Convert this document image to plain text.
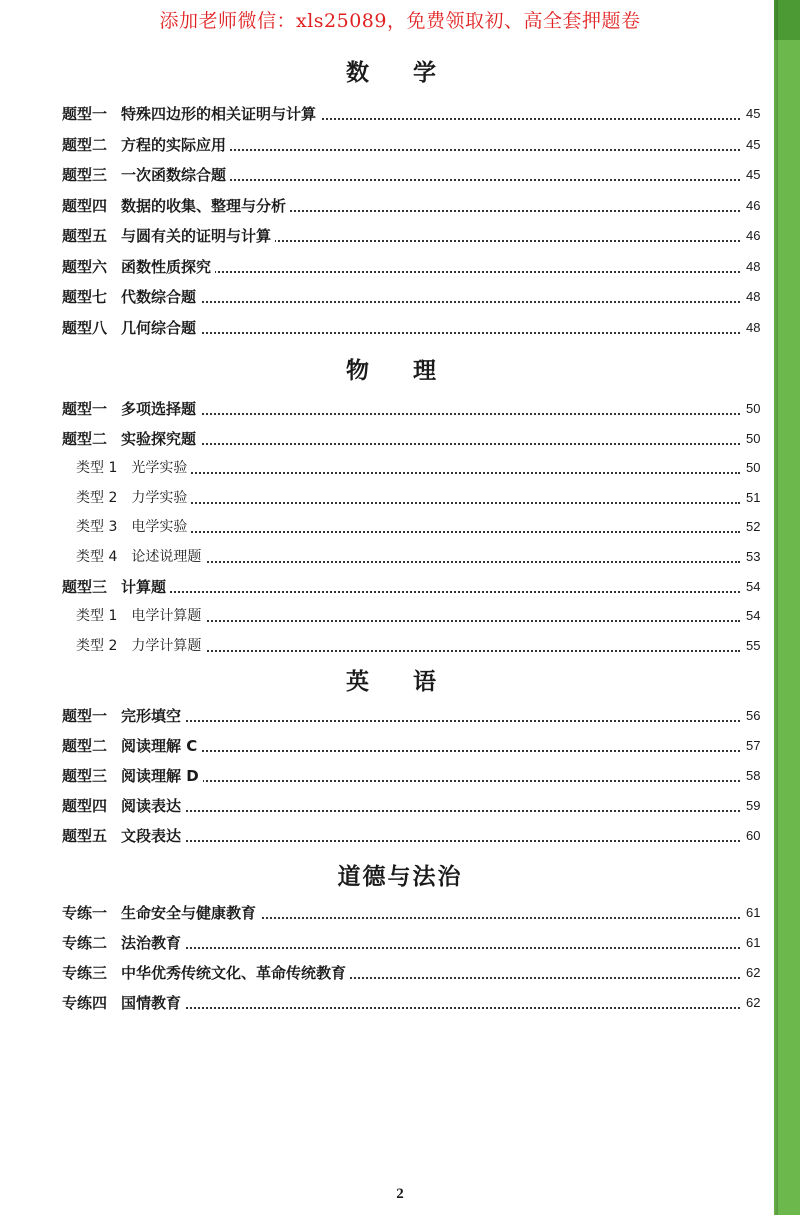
添加老师微信：xls25089，免费领取初、高全套押题卷
数 学
题型一 特殊四边形的相关证明与计算	45
题型二 方程的实际应用	45
题型三 一次函数综合题	45
题型四 数据的收集、整理与分析	46
题型五 与圆有关的证明与计算	46
题型六 函数性质探究	48
题型七 代数综合题	48
题型八 几何综合题	48
物 理
题型一 多项选择题	50
题型二 实验探究题	50
类型 1 光学实验	50
类型 2 力学实验	51
类型 3 电学实验	52
类型 4 论述说理题	53
题型三 计算题	54
类型 1 电学计算题	54
类型 2 力学计算题	55
英 语
题型一 完形填空	56
题型二 阅读理解 C	57
题型三 阅读理解 D	58
题型四 阅读表达	59
题型五 文段表达	60
道德与法治
专练一 生命安全与健康教育	61
专练二 法治教育	61
专练三 中华优秀传统文化、革命传统教育	62
专练四 国情教育	62
2
